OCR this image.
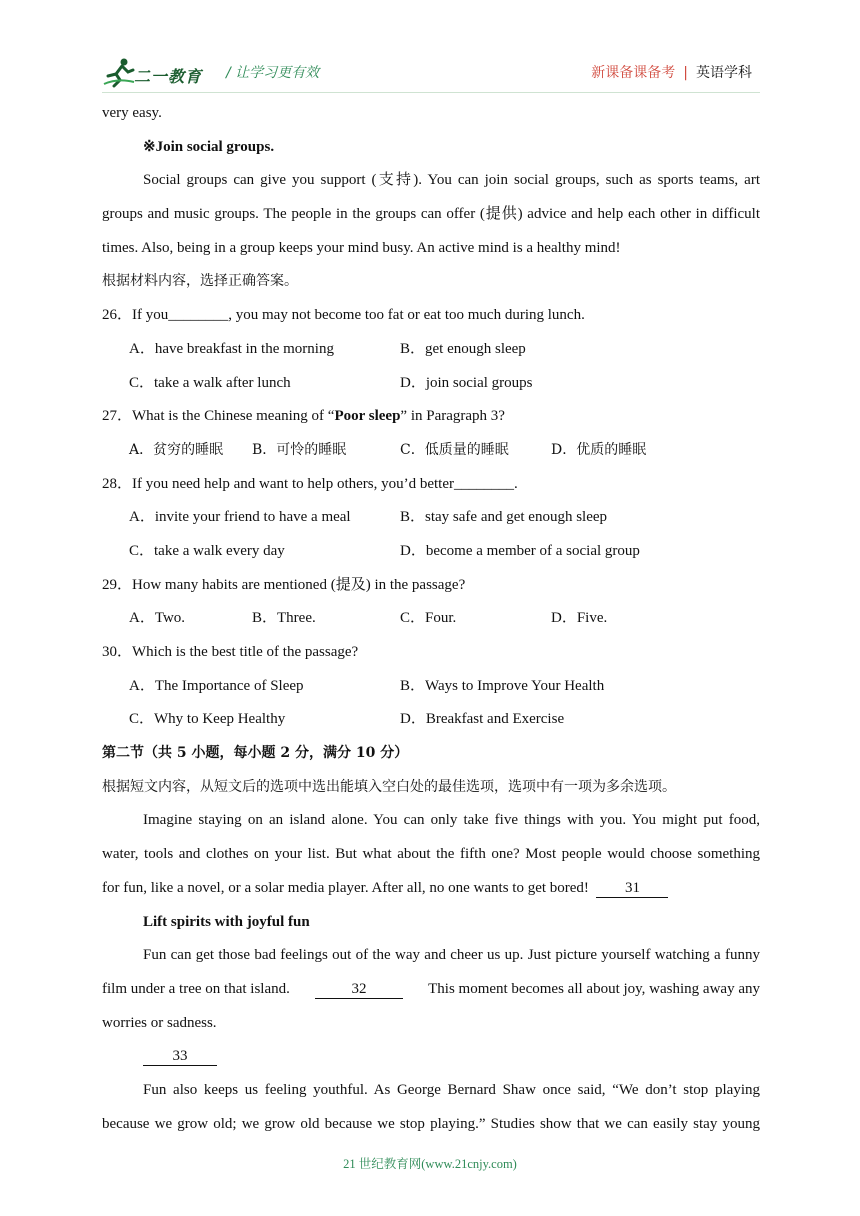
二一教育 / 让学习更有效	新课备课备考 | 英语学科
very easy.
※Join social groups.
Social groups can give you support (支持). You can join social groups, such as sports teams, art
groups and music groups. The people in the groups can offer (提供) advice and help each other in difficult
times. Also, being in a group keeps your mind busy. An active mind is a healthy mind!
根据材料内容，选择正确答案。
26．If you________, you may not become too fat or eat too much during lunch.
A．have breakfast in the morning	B．get enough sleep
C．take a walk after lunch	D．join social groups
27．What is the Chinese meaning of “Poor sleep” in Paragraph 3?
A．贫穷的睡眠 B．可怜的睡眠	C．低质量的睡眠	D．优质的睡眠
28．If you need help and want to help others, you’d better________.
A．invite your friend to have a meal	B．stay safe and get enough sleep
C．take a walk every day	D．become a member of a social group
29．How many habits are mentioned (提及) in the passage?
A．Two.	B．Three.	C．Four.	D．Five.
30．Which is the best title of the passage?
A．The Importance of Sleep	B．Ways to Improve Your Health
C．Why to Keep Healthy	D．Breakfast and Exercise
第二节（共 5 小题，每小题 2 分，满分 10 分）
根据短文内容，从短文后的选项中选出能填入空白处的最佳选项，选项中有一项为多余选项。
Imagine staying on an island alone. You can only take five things with you. You might put food,
water, tools and clothes on your list. But what about the fifth one? Most people would choose something
for fun, like a novel, or a solar media player. After all, no one wants to get bored! 31
Lift spirits with joyful fun
Fun can get those bad feelings out of the way and cheer us up. Just picture yourself watching a funny
film under a tree on that island.	32	This moment becomes all about joy, washing away any
worries or sadness.
33
Fun also keeps us feeling youthful. As George Bernard Shaw once said, “We don’t stop playing
because we grow old; we grow old because we stop playing.” Studies show that we can easily stay young
21 世纪教育网(www.21cnjy.com)
